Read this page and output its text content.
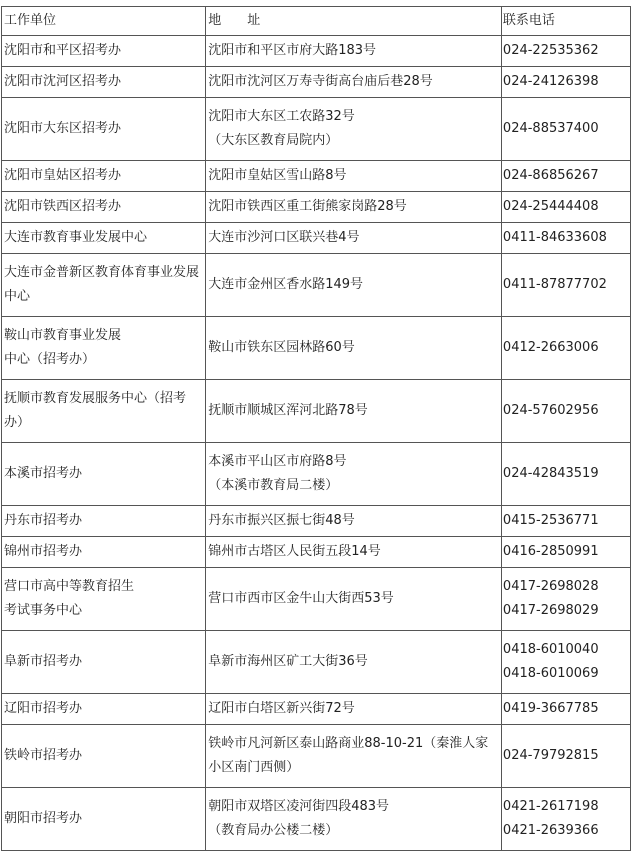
工作单位	地　　址	联系电话

沈阳市和平区招考办	沈阳市和平区市府大路183号	024-22535362

沈阳市沈河区招考办	沈阳市沈河区万寿寺街高台庙后巷28号	024-24126398

沈阳市大东区招考办	沈阳市大东区工农路32号
（大东区教育局院内）	024-88537400

沈阳市皇姑区招考办	沈阳市皇姑区雪山路8号	024-86856267

沈阳市铁西区招考办	沈阳市铁西区重工街熊家岗路28号	024-25444408

大连市教育事业发展中心	大连市沙河口区联兴巷4号	0411-84633608

大连市金普新区教育体育事业发展中心	大连市金州区香水路149号	0411-87877702

鞍山市教育事业发展
中心（招考办）	鞍山市铁东区园林路60号	0412-2663006

抚顺市教育发展服务中心（招考办）	抚顺市顺城区浑河北路78号	024-57602956

本溪市招考办	本溪市平山区市府路8号
（本溪市教育局二楼）	024-42843519

丹东市招考办	丹东市振兴区振七街48号	0415-2536771

锦州市招考办	锦州市古塔区人民街五段14号	0416-2850991

营口市高中等教育招生
考试事务中心	营口市西市区金牛山大街西53号	0417-2698028
0417-2698029

阜新市招考办	阜新市海州区矿工大街36号	0418-6010040
0418-6010069

辽阳市招考办	辽阳市白塔区新兴街72号	0419-3667785

铁岭市招考办	铁岭市凡河新区泰山路商业88-10-21（秦淮人家小区南门西侧）	024-79792815

朝阳市招考办	朝阳市双塔区凌河街四段483号
（教育局办公楼二楼）	0421-2617198
0421-2639366
